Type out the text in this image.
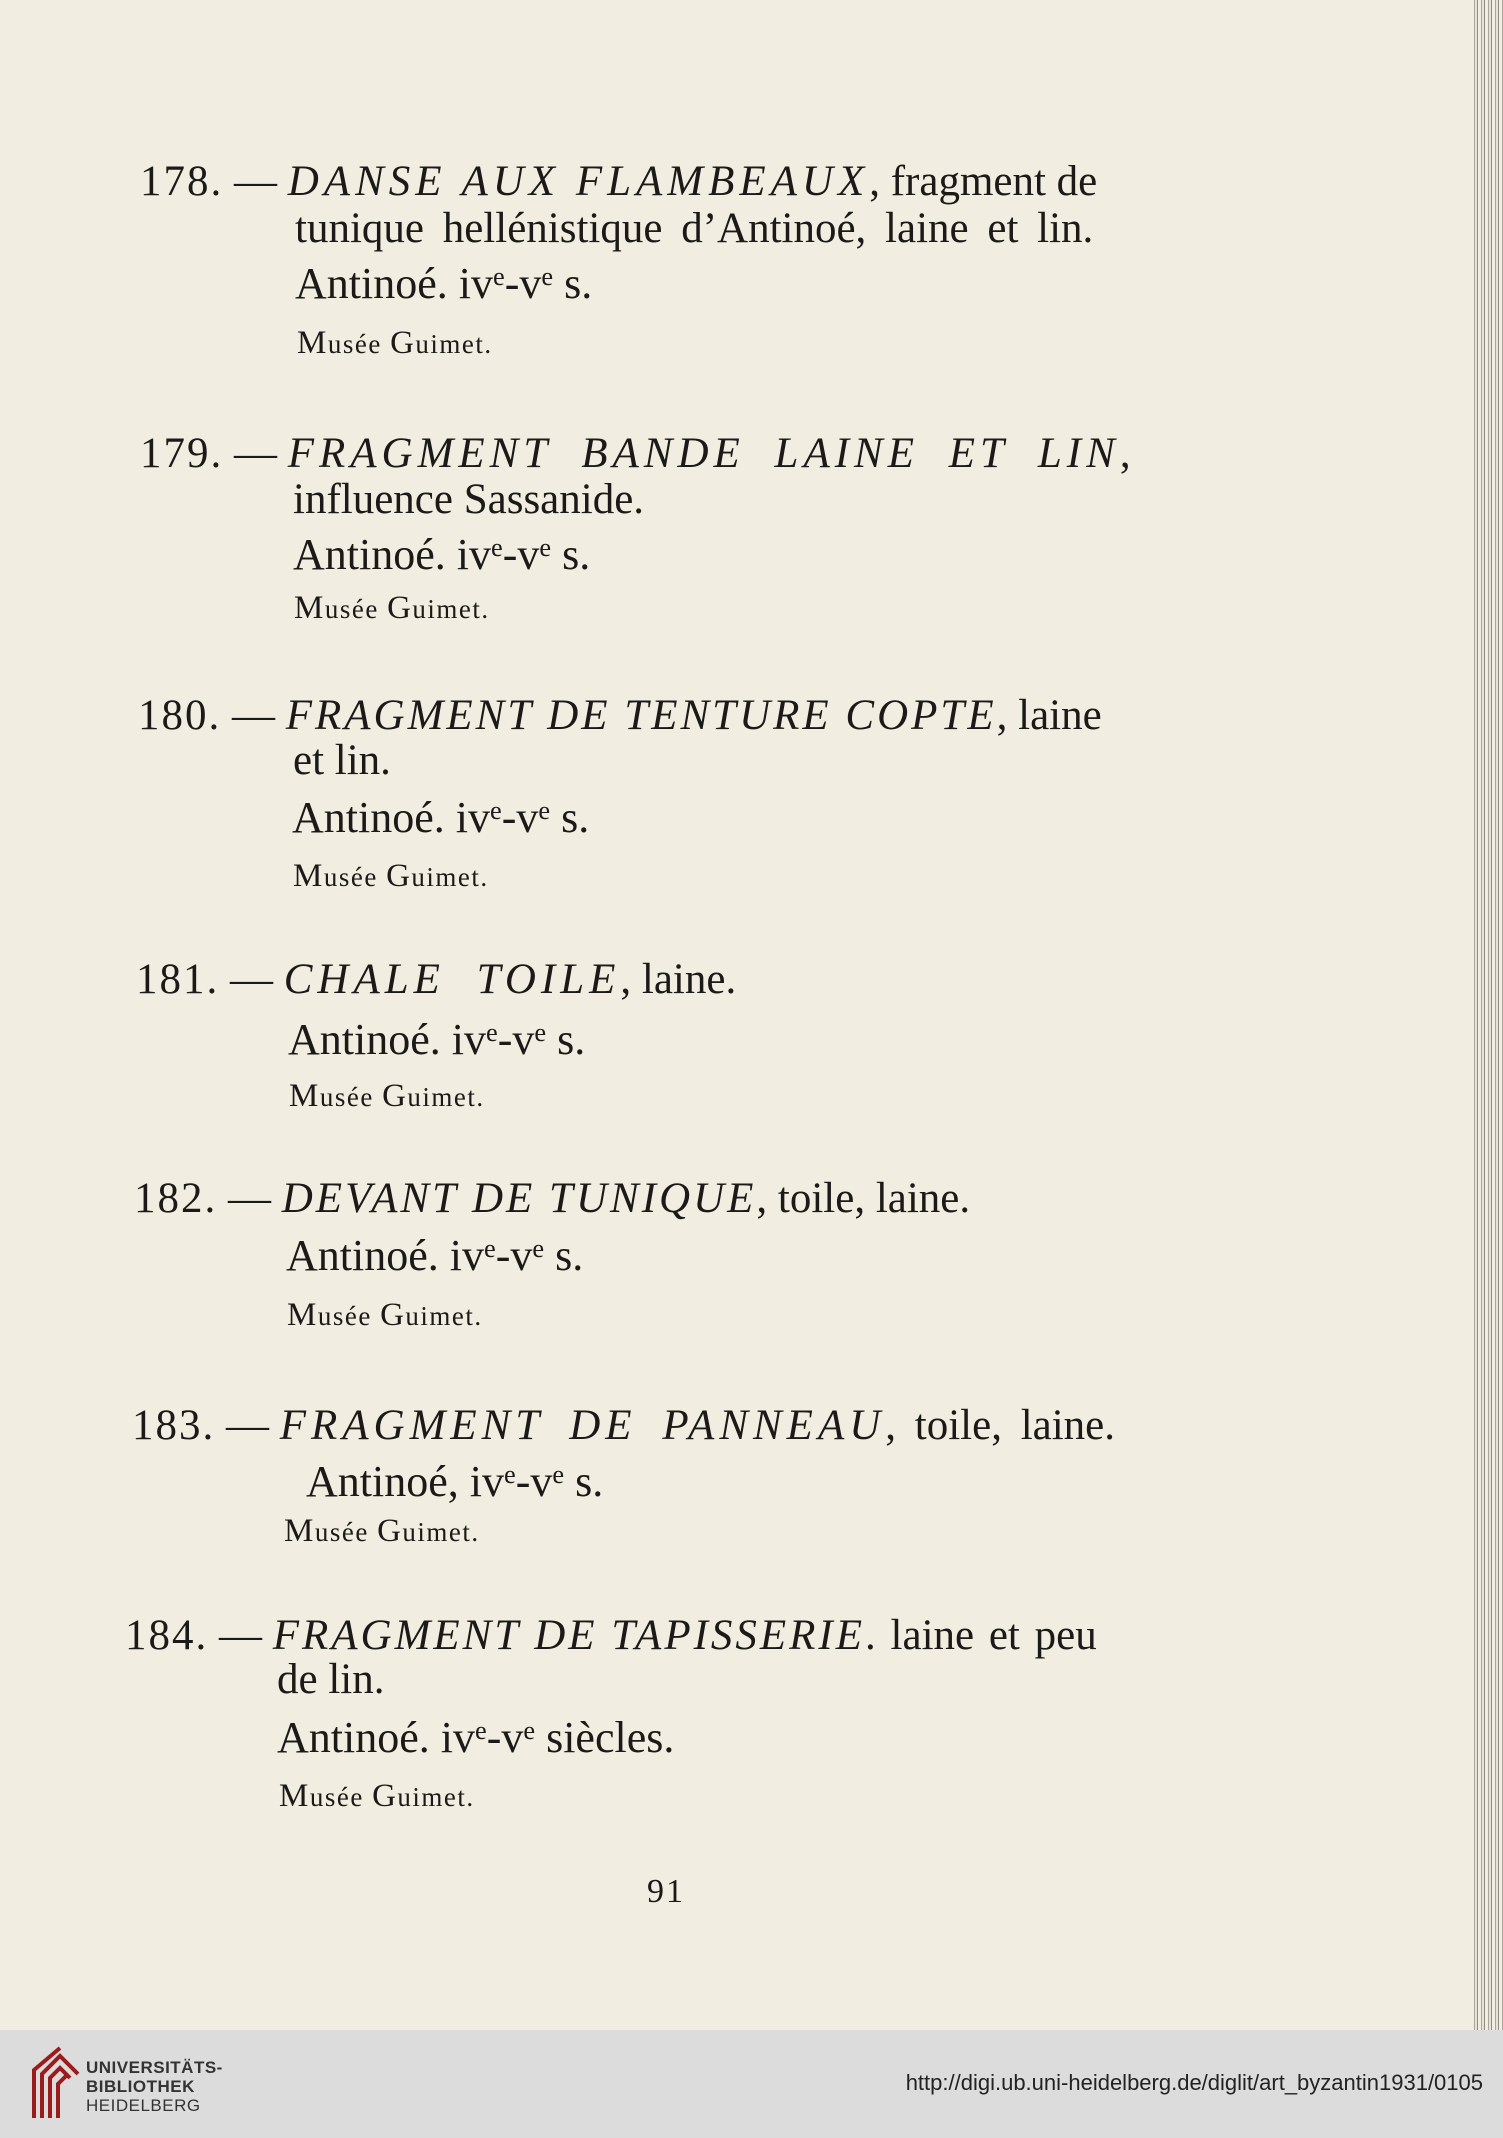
178. — DANSE AUX FLAMBEAUX, fragment de
tunique hellénistique d’Antinoé, laine et lin.
Antinoé. $iv^e-v^e$ s.
Musée Guimet.
179. — FRAGMENT BANDE LAINE ET LIN,
influence Sassanide.
Antinoé. $iv^e-v^e$ s.
Musée Guimet.
180. — FRAGMENT DE TENTURE COPTE, laine
et lin.
Antinoé. $iv^e-v^e$ s.
Musée Guimet.
181. — CHALE TOILE, laine.
Antinoé. $iv^e-v^e$ s.
Musée Guimet.
182. — DEVANT DE TUNIQUE, toile, laine.
Antinoé. $iv^e-v^e$ s.
Musée Guimet.
183. — FRAGMENT DE PANNEAU, toile, laine.
Antinoé, $iv^e-v^e$ s.
Musée Guimet.
184. — FRAGMENT DE TAPISSERIE. laine et peu
de lin.
Antinoé. $iv^e-v^e$ siècles.
Musée Guimet.
91
UNIVERSITÄTS-
BIBLIOTHEK
HEIDELBERG
http://digi.ub.uni-heidelberg.de/diglit/art_byzantin1931/0105
